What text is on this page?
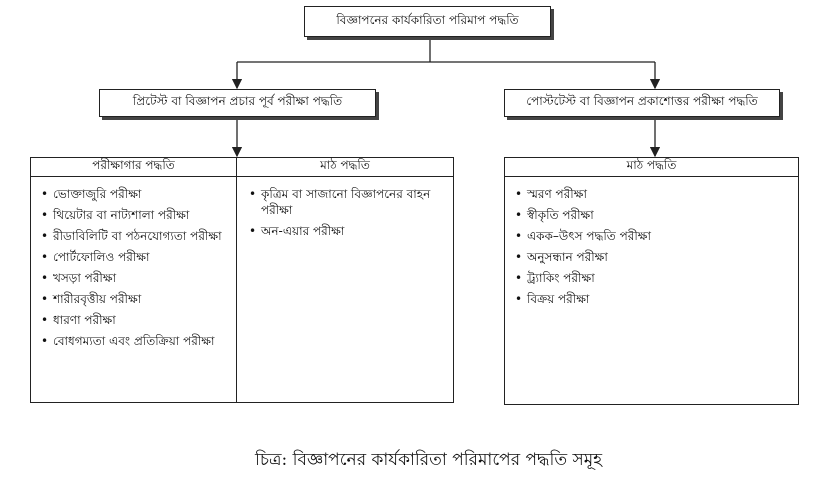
বিজ্ঞাপনের কার্যকারিতা পরিমাপ পদ্ধতি
প্রিটেস্ট বা বিজ্ঞাপন প্রচার পূর্ব পরীক্ষা পদ্ধতি	পোস্টটেস্ট বা বিজ্ঞাপন প্রকাশোত্তর পরীক্ষা পদ্ধতি
পরীক্ষাগার পদ্ধতি
• ভোক্তাজুরি পরীক্ষা
• থিয়েটার বা নাট্যশালা পরীক্ষা
• রীডাবিলিটি বা পঠনযোগ্যতা পরীক্ষা
• পোর্টফোলিও পরীক্ষা
• খসড়া পরীক্ষা
• শারীরবৃত্তীয় পরীক্ষা
• ধারণা পরীক্ষা
• বোধগম্যতা এবং প্রতিক্রিয়া পরীক্ষা
মাঠ পদ্ধতি
• কৃত্রিম বা সাজানো বিজ্ঞাপনের বাহন পরীক্ষা
• অন-এয়ার পরীক্ষা
মাঠ পদ্ধতি
• স্মরণ পরীক্ষা
• স্বীকৃতি পরীক্ষা
• একক–উৎস পদ্ধতি পরীক্ষা
• অনুসন্ধান পরীক্ষা
• ট্র্যাকিং পরীক্ষা
• বিক্রয় পরীক্ষা
চিত্র: বিজ্ঞাপনের কার্যকারিতা পরিমাপের পদ্ধতি সমূহ
